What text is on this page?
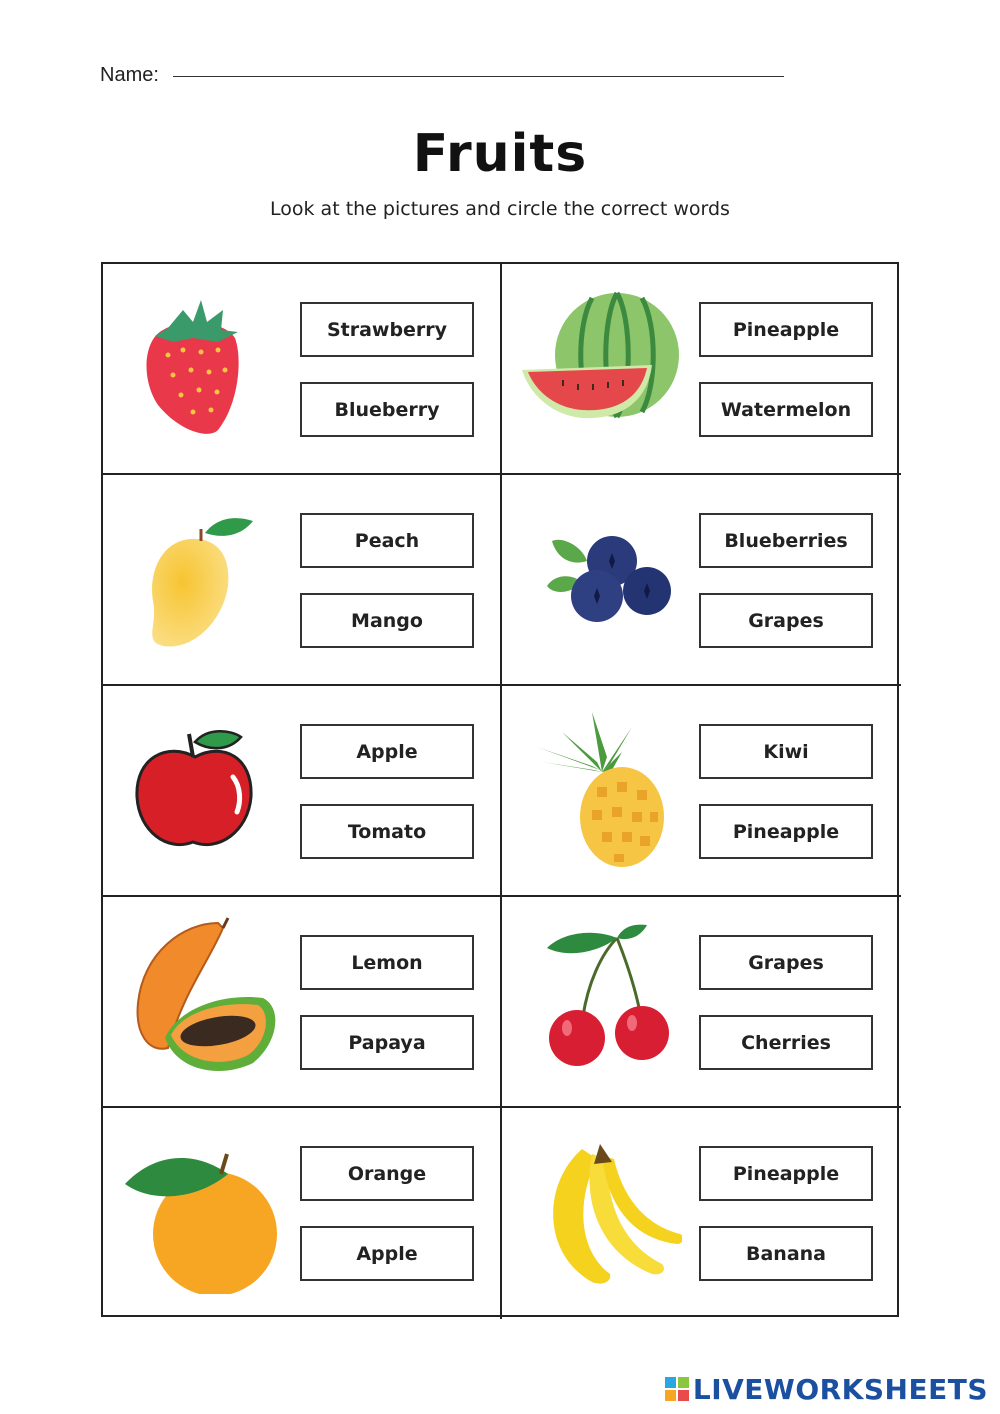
Name:
Fruits

Look at the pictures and circle the correct words

Strawberry
Blueberry
Pineapple
Watermelon
Peach
Mango
Blueberries
Grapes
Apple
Tomato
Kiwi
Pineapple
Lemon
Papaya
Grapes
Cherries
Orange
Apple
Pineapple
Banana
LIVEWORKSHEETS
